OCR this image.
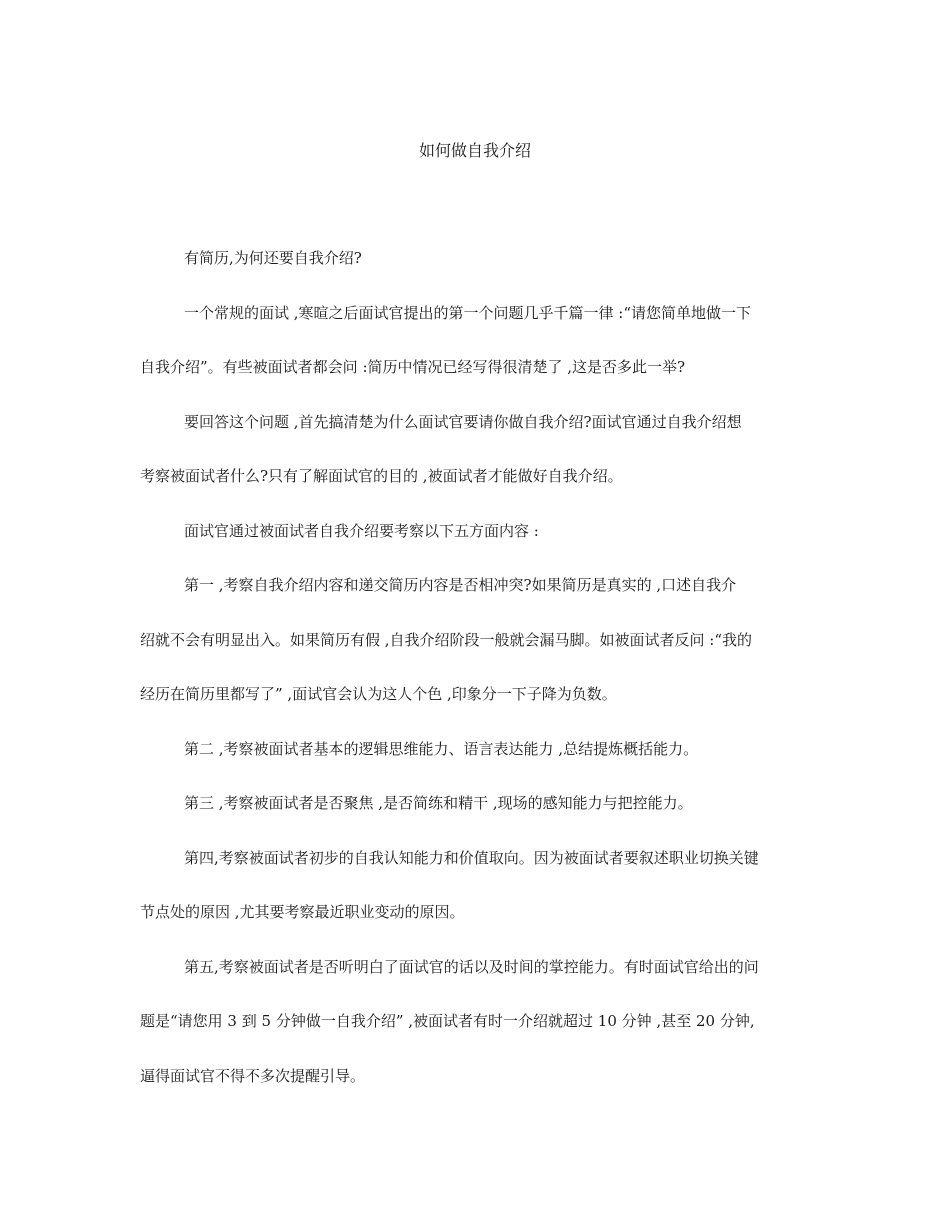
如何做自我介绍
有简历,为何还要自我介绍?
一个常规的面试 ,寒暄之后面试官提出的第一个问题几乎千篇一律 :“请您简单地做一下
自我介绍”。有些被面试者都会问 :简历中情况已经写得很清楚了 ,这是否多此一举?
要回答这个问题 ,首先搞清楚为什么面试官要请你做自我介绍?面试官通过自我介绍想
考察被面试者什么?只有了解面试官的目的 ,被面试者才能做好自我介绍。
面试官通过被面试者自我介绍要考察以下五方面内容 :
第一 ,考察自我介绍内容和递交简历内容是否相冲突?如果简历是真实的 ,口述自我介
绍就不会有明显出入。如果简历有假 ,自我介绍阶段一般就会漏马脚。如被面试者反问 :“我的
经历在简历里都写了” ,面试官会认为这人个色 ,印象分一下子降为负数。
第二 ,考察被面试者基本的逻辑思维能力、语言表达能力 ,总结提炼概括能力。
第三 ,考察被面试者是否聚焦 ,是否简练和精干 ,现场的感知能力与把控能力。
第四,考察被面试者初步的自我认知能力和价值取向。因为被面试者要叙述职业切换关键
节点处的原因 ,尤其要考察最近职业变动的原因。
第五,考察被面试者是否听明白了面试官的话以及时间的掌控能力。有时面试官给出的问
题是“请您用 3 到 5 分钟做一自我介绍” ,被面试者有时一介绍就超过 10 分钟 ,甚至 20 分钟,
逼得面试官不得不多次提醒引导。
